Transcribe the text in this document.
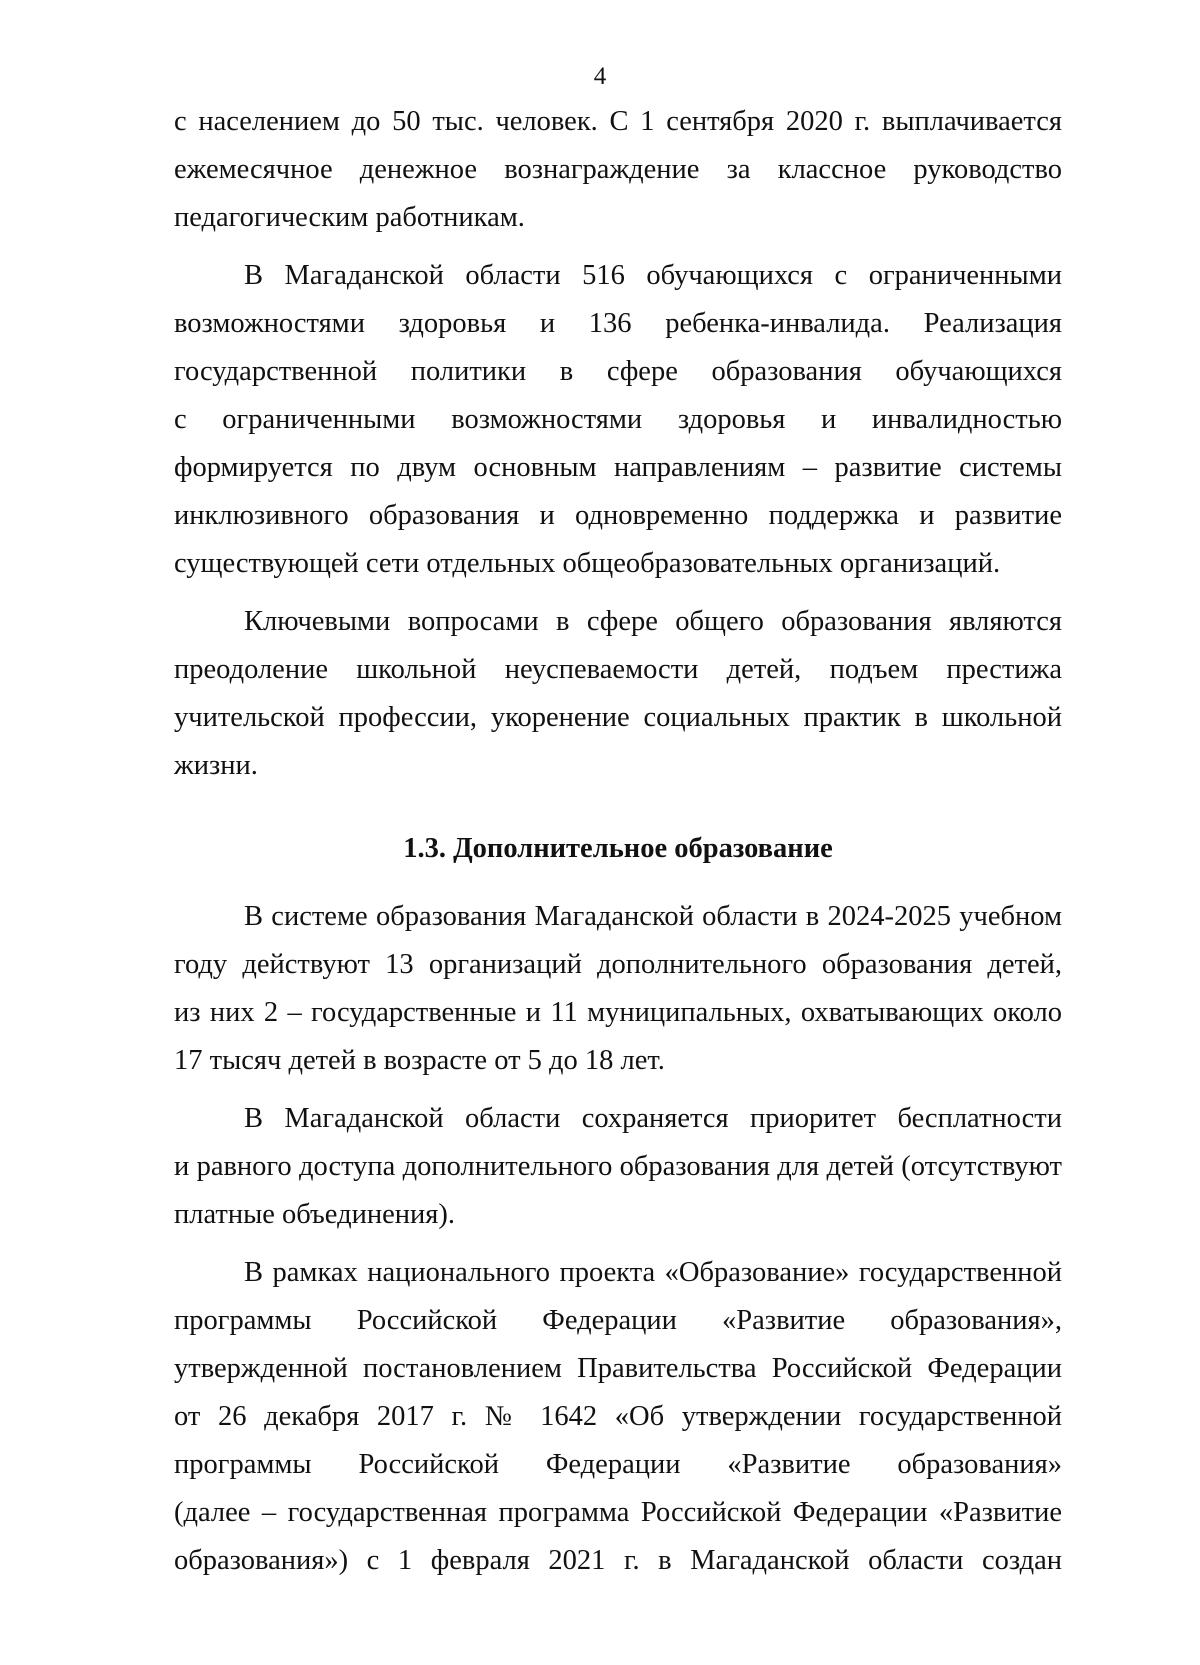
4

с населением до 50 тыс. человек. С 1 сентября 2020 г. выплачивается
ежемесячное денежное вознаграждение за классное руководство
педагогическим работникам.

В Магаданской области 516 обучающихся с ограниченными
возможностями здоровья и 136 ребенка-инвалида. Реализация
государственной политики в сфере образования обучающихся
с ограниченными возможностями здоровья и инвалидностью
формируется по двум основным направлениям – развитие системы
инклюзивного образования и одновременно поддержка и развитие
существующей сети отдельных общеобразовательных организаций.

Ключевыми вопросами в сфере общего образования являются
преодоление школьной неуспеваемости детей, подъем престижа
учительской профессии, укоренение социальных практик в школьной
жизни.

1.3. Дополнительное образование

В системе образования Магаданской области в 2024-2025 учебном
году действуют 13 организаций дополнительного образования детей,
из них 2 – государственные и 11 муниципальных, охватывающих около
17 тысяч детей в возрасте от 5 до 18 лет.

В Магаданской области сохраняется приоритет бесплатности
и равного доступа дополнительного образования для детей (отсутствуют
платные объединения).

В рамках национального проекта «Образование» государственной
программы Российской Федерации «Развитие образования»,
утвержденной постановлением Правительства Российской Федерации
от 26 декабря 2017 г. № 1642 «Об утверждении государственной
программы Российской Федерации «Развитие образования»
(далее – государственная программа Российской Федерации «Развитие
образования») с 1 февраля 2021 г. в Магаданской области создан
